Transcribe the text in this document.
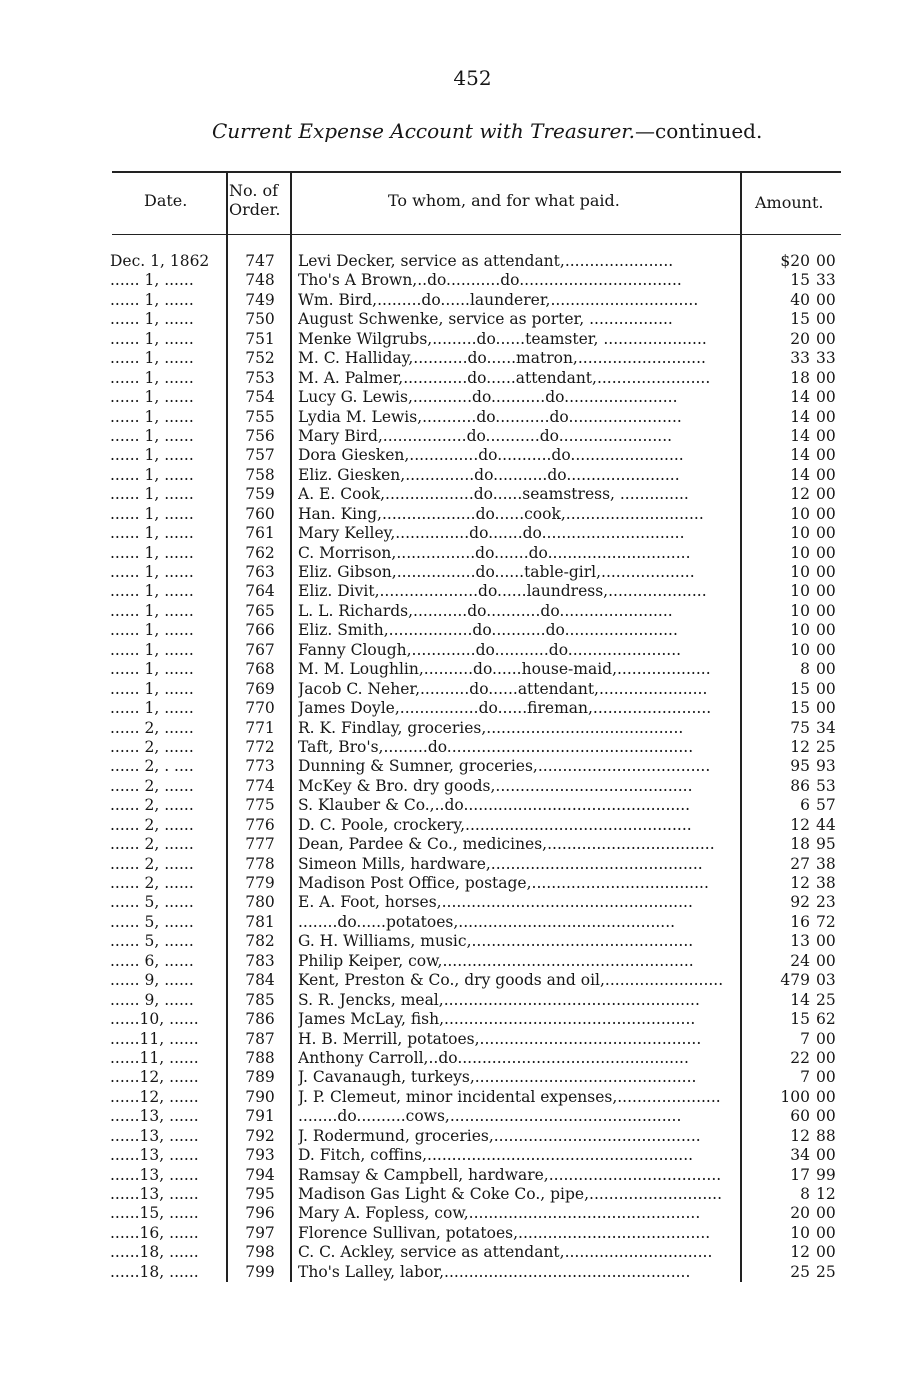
452
Current Expense Account with Treasurer.—continued.
Date.
No. of
Order.	To whom, and for what paid.	Amount.
Dec. 1, 1862	747	Levi Decker, service as attendant,......................	$20 00
...... 1, ......	748	Tho's A Brown,..do...........do.................................	15 33
...... 1, ......	749	Wm. Bird,.........do......launderer,..............................	40 00
...... 1, ......	750	August Schwenke, service as porter, .................	15 00
...... 1, ......	751	Menke Wilgrubs,.........do......teamster, .....................	20 00
...... 1, ......	752	M. C. Halliday,...........do......matron,..........................	33 33
...... 1, ......	753	M. A. Palmer,.............do......attendant,.......................	18 00
...... 1, ......	754	Lucy G. Lewis,............do...........do.......................	14 00
...... 1, ......	755	Lydia M. Lewis,...........do...........do.......................	14 00
...... 1, ......	756	Mary Bird,.................do...........do.......................	14 00
...... 1, ......	757	Dora Giesken,..............do...........do.......................	14 00
...... 1, ......	758	Eliz. Giesken,..............do...........do.......................	14 00
...... 1, ......	759	A. E. Cook,..................do......seamstress, ..............	12 00
...... 1, ......	760	Han. King,...................do......cook,............................	10 00
...... 1, ......	761	Mary Kelley,...............do.......do.............................	10 00
...... 1, ......	762	C. Morrison,................do.......do.............................	10 00
...... 1, ......	763	Eliz. Gibson,................do......table-girl,...................	10 00
...... 1, ......	764	Eliz. Divit,....................do......laundress,....................	10 00
...... 1, ......	765	L. L. Richards,...........do...........do.......................	10 00
...... 1, ......	766	Eliz. Smith,.................do...........do.......................	10 00
...... 1, ......	767	Fanny Clough,.............do...........do.......................	10 00
...... 1, ......	768	M. M. Loughlin,..........do......house-maid,...................	8 00
...... 1, ......	769	Jacob C. Neher,..........do......attendant,......................	15 00
...... 1, ......	770	James Doyle,................do......fireman,........................	15 00
...... 2, ......	771	R. K. Findlay, groceries,........................................	75 34
...... 2, ......	772	Taft, Bro's,.........do..................................................	12 25
...... 2, . ....	773	Dunning & Sumner, groceries,...................................	95 93
...... 2, ......	774	McKey & Bro. dry goods,........................................	86 53
...... 2, ......	775	S. Klauber & Co.,..do..............................................	6 57
...... 2, ......	776	D. C. Poole, crockery,..............................................	12 44
...... 2, ......	777	Dean, Pardee & Co., medicines,..................................	18 95
...... 2, ......	778	Simeon Mills, hardware,...........................................	27 38
...... 2, ......	779	Madison Post Office, postage,....................................	12 38
...... 5, ......	780	E. A. Foot, horses,...................................................	92 23
...... 5, ......	781	........do......potatoes,............................................	16 72
...... 5, ......	782	G. H. Williams, music,.............................................	13 00
...... 6, ......	783	Philip Keiper, cow,...................................................	24 00
...... 9, ......	784	Kent, Preston & Co., dry goods and oil,........................	479 03
...... 9, ......	785	S. R. Jencks, meal,....................................................	14 25
......10, ......	786	James McLay, fish,...................................................	15 62
......11, ......	787	H. B. Merrill, potatoes,.............................................	7 00
......11, ......	788	Anthony Carroll,..do...............................................	22 00
......12, ......	789	J. Cavanaugh, turkeys,.............................................	7 00
......12, ......	790	J. P. Clemeut, minor incidental expenses,.....................	100 00
......13, ......	791	........do..........cows,...............................................	60 00
......13, ......	792	J. Rodermund, groceries,..........................................	12 88
......13, ......	793	D. Fitch, coffins,......................................................	34 00
......13, ......	794	Ramsay & Campbell, hardware,...................................	17 99
......13, ......	795	Madison Gas Light & Coke Co., pipe,...........................	8 12
......15, ......	796	Mary A. Fopless, cow,...............................................	20 00
......16, ......	797	Florence Sullivan, potatoes,.......................................	10 00
......18, ......	798	C. C. Ackley, service as attendant,..............................	12 00
......18, ......	799	Tho's Lalley, labor,..................................................	25 25
